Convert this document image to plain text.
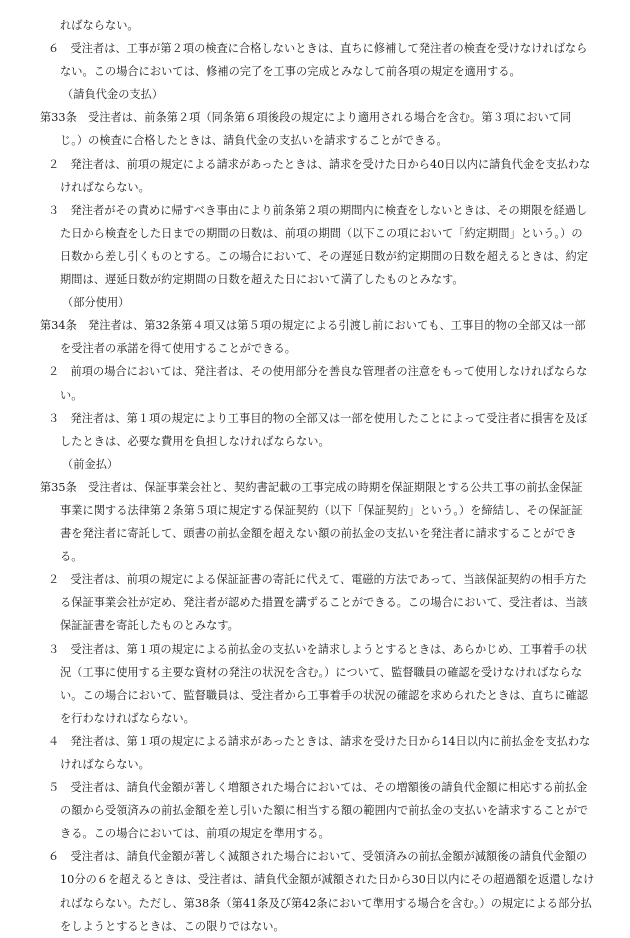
ればならない。
６　受注者は、工事が第２項の検査に合格しないときは、直ちに修補して発注者の検査を受けなければなら
ない。この場合においては、修補の完了を工事の完成とみなして前各項の規定を適用する。
（請負代金の支払）
第33条　受注者は、前条第２項（同条第６項後段の規定により適用される場合を含む。第３項において同
じ。）の検査に合格したときは、請負代金の支払いを請求することができる。
２　発注者は、前項の規定による請求があったときは、請求を受けた日から40日以内に請負代金を支払わな
ければならない。
３　発注者がその責めに帰すべき事由により前条第２項の期間内に検査をしないときは、その期限を経過し
た日から検査をした日までの期間の日数は、前項の期間（以下この項において「約定期間」という。）の
日数から差し引くものとする。この場合において、その遅延日数が約定期間の日数を超えるときは、約定
期間は、遅延日数が約定期間の日数を超えた日において満了したものとみなす。
（部分使用）
第34条　発注者は、第32条第４項又は第５項の規定による引渡し前においても、工事目的物の全部又は一部
を受注者の承諾を得て使用することができる。
２　前項の場合においては、発注者は、その使用部分を善良な管理者の注意をもって使用しなければならな
い。
３　発注者は、第１項の規定により工事目的物の全部又は一部を使用したことによって受注者に損害を及ぼ
したときは、必要な費用を負担しなければならない。
（前金払）
第35条　受注者は、保証事業会社と、契約書記載の工事完成の時期を保証期限とする公共工事の前払金保証
事業に関する法律第２条第５項に規定する保証契約（以下「保証契約」という。）を締結し、その保証証
書を発注者に寄託して、頭書の前払金額を超えない額の前払金の支払いを発注者に請求することができ
る。
２　受注者は、前項の規定による保証証書の寄託に代えて、電磁的方法であって、当該保証契約の相手方た
る保証事業会社が定め、発注者が認めた措置を講ずることができる。この場合において、受注者は、当該
保証証書を寄託したものとみなす。
３　受注者は、第１項の規定による前払金の支払いを請求しようとするときは、あらかじめ、工事着手の状
況（工事に使用する主要な資材の発注の状況を含む。）について、監督職員の確認を受けなければならな
い。この場合において、監督職員は、受注者から工事着手の状況の確認を求められたときは、直ちに確認
を行わなければならない。
４　発注者は、第１項の規定による請求があったときは、請求を受けた日から14日以内に前払金を支払わな
ければならない。
５　受注者は、請負代金額が著しく増額された場合においては、その増額後の請負代金額に相応する前払金
の額から受領済みの前払金額を差し引いた額に相当する額の範囲内で前払金の支払いを請求することがで
きる。この場合においては、前項の規定を準用する。
６　受注者は、請負代金額が著しく減額された場合において、受領済みの前払金額が減額後の請負代金額の
10分の６を超えるときは、受注者は、請負代金額が減額された日から30日以内にその超過額を返還しなけ
ればならない。ただし、第38条（第41条及び第42条において準用する場合を含む。）の規定による部分払
をしようとするときは、この限りではない。
